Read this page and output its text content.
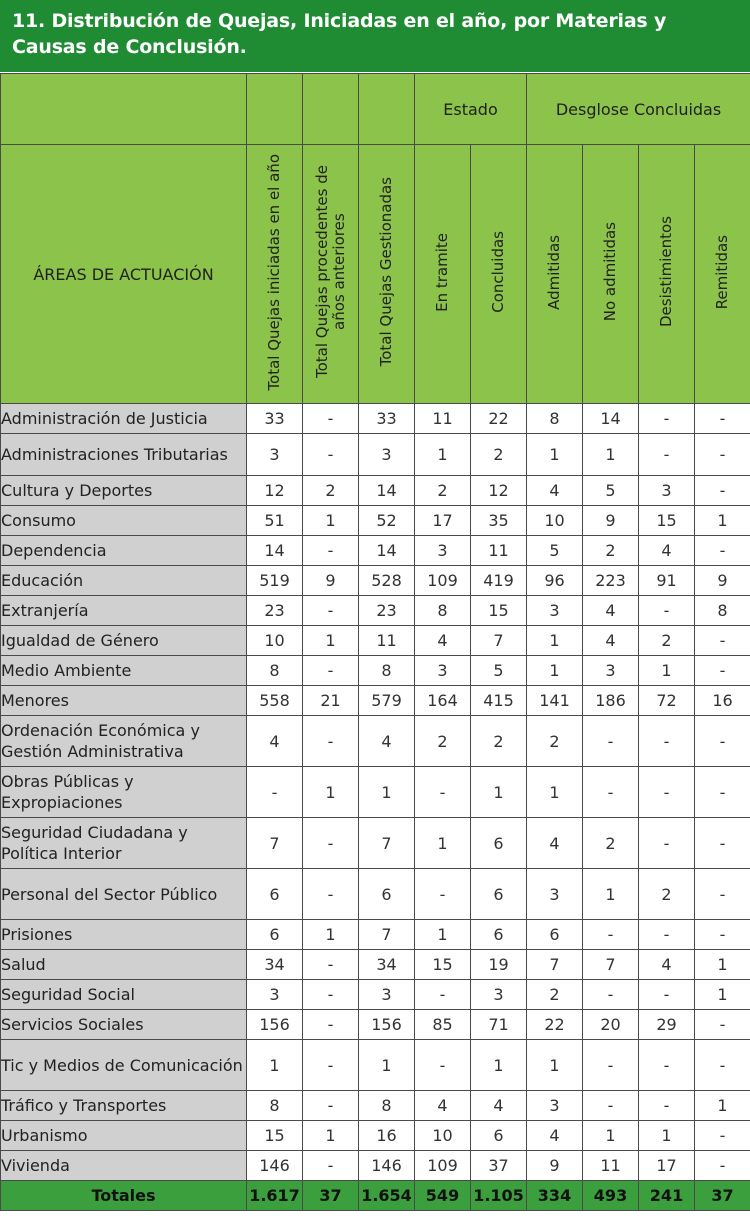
11. Distribución de Quejas, Iniciadas en el año, por Materias y Causas de Conclusión.
				Estado		Desglose Concluidas			
ÁREAS DE ACTUACIÓN	Total Quejas iniciadas en el año	Total Quejas procedentes de años anteriores	Total Quejas Gestionadas	En tramite	Concluidas	Admitidas	No admitidas	Desistimientos	Remitidas
Administración de Justicia	33	-	33	11	22	8	14	-	-
Administraciones Tributarias	3	-	3	1	2	1	1	-	-
Cultura y Deportes	12	2	14	2	12	4	5	3	-
Consumo	51	1	52	17	35	10	9	15	1
Dependencia	14	-	14	3	11	5	2	4	-
Educación	519	9	528	109	419	96	223	91	9
Extranjería	23	-	23	8	15	3	4	-	8
Igualdad de Género	10	1	11	4	7	1	4	2	-
Medio Ambiente	8	-	8	3	5	1	3	1	-
Menores	558	21	579	164	415	141	186	72	16
Ordenación Económica y Gestión Administrativa	4	-	4	2	2	2	-	-	-
Obras Públicas y Expropiaciones	-	1	1	-	1	1	-	-	-
Seguridad Ciudadana y Política Interior	7	-	7	1	6	4	2	-	-
Personal del Sector Público	6	-	6	-	6	3	1	2	-
Prisiones	6	1	7	1	6	6	-	-	-
Salud	34	-	34	15	19	7	7	4	1
Seguridad Social	3	-	3	-	3	2	-	-	1
Servicios Sociales	156	-	156	85	71	22	20	29	-
Tic y Medios de Comunicación	1	-	1	-	1	1	-	-	-
Tráfico y Transportes	8	-	8	4	4	3	-	-	1
Urbanismo	15	1	16	10	6	4	1	1	-
Vivienda	146	-	146	109	37	9	11	17	-
Totales	1.617	37	1.654	549	1.105	334	493	241	37
